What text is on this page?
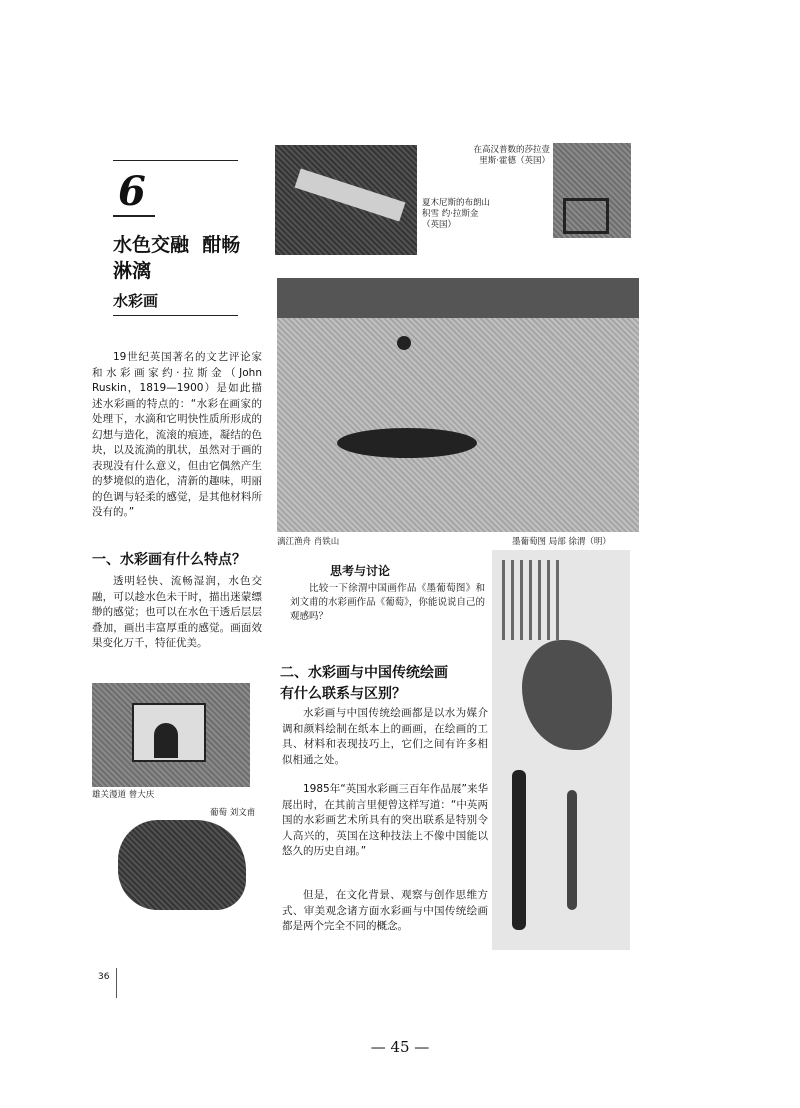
6
水色交融  酣畅
淋漓
水彩画
19世纪英国著名的文艺评论家和水彩画家约·拉斯金（John Ruskin，1819—1900）是如此描述水彩画的特点的：“水彩在画家的处理下，水滴和它明快性质所形成的幻想与造化，流滚的痕迹，凝结的色块，以及流淌的肌状，虽然对于画的表现没有什么意义，但由它偶然产生的梦境似的造化，清新的趣味，明丽的色调与轻柔的感觉，是其他材料所没有的。”
一、水彩画有什么特点？
透明轻快、流畅湿润，水色交融，可以趁水色未干时，描出迷蒙缥缈的感觉；也可以在水色干透后层层叠加，画出丰富厚重的感觉。画面效果变化万千，特征优美。
雄关漫道 曾大庆
葡萄 刘文甫
36
夏木尼斯的布朗山积雪 约·拉斯金（英国）
在高汉普数的莎拉壹里斯·霍德（英国）
漓江渔舟 肖铁山	墨葡萄图 局部 徐渭（明）
思考与讨论
比较一下徐渭中国画作品《墨葡萄图》和刘文甫的水彩画作品《葡萄》，你能说说自己的观感吗？
二、水彩画与中国传统绘画
有什么联系与区别？
水彩画与中国传统绘画都是以水为媒介调和颜料绘制在纸本上的画画，在绘画的工具、材料和表现技巧上，它们之间有许多相似相通之处。
1985年“英国水彩画三百年作品展”来华展出时，在其前言里便曾这样写道：“中英两国的水彩画艺术所具有的突出联系是特别令人高兴的，英国在这种技法上不像中国能以悠久的历史自翊。”
但是，在文化背景、观察与创作思维方式、审美观念诸方面水彩画与中国传统绘画都是两个完全不同的概念。
— 45 —
